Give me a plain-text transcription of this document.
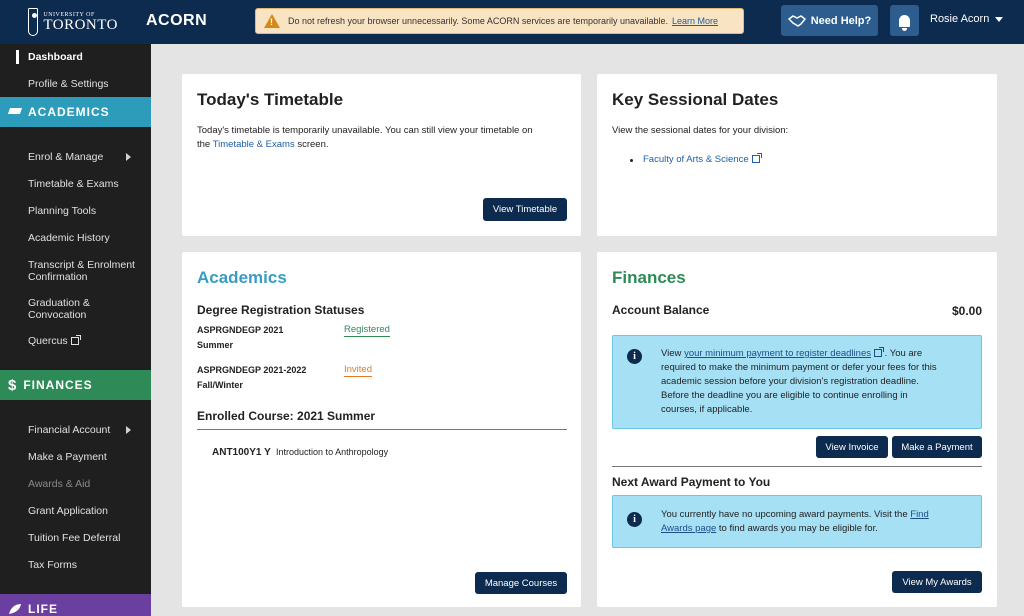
UNIVERSITY OF
TORONTO ACORN	! Do not refresh your browser unnecessarily. Some ACORN services are temporarily unavailable. Learn More	Need Help?	Rosie Acorn
Dashboard
Profile & Settings
ACADEMICS
Enrol & Manage
Timetable & Exams
Planning Tools
Academic History
Transcript & Enrolment
Confirmation
Graduation &
Convocation
Quercus
$ FINANCES
Financial Account
Make a Payment
Awards & Aid
Grant Application
Tuition Fee Deferral
Tax Forms
LIFE
Today's Timetable
Today's timetable is temporarily unavailable. You can still view your timetable on
the Timetable & Exams screen.
View Timetable
Key Sessional Dates
View the sessional dates for your division:
Faculty of Arts & Science
Academics
Degree Registration Statuses
ASPRGNDEGP 2021
Summer
Registered
ASPRGNDEGP 2021-2022
Fall/Winter
Invited
Enrolled Course: 2021 Summer
ANT100Y1 Y Introduction to Anthropology
Manage Courses
Finances
Account Balance	$0.00
i	View your minimum payment to register deadlines . You are
required to make the minimum payment or defer your fees for this
academic session before your division's registration deadline.
Before the deadline you are eligible to continue enrolling in
courses, if applicable.
View Invoice	Make a Payment
Next Award Payment to You
i	You currently have no upcoming award payments. Visit the Find
Awards page to find awards you may be eligible for.
View My Awards
